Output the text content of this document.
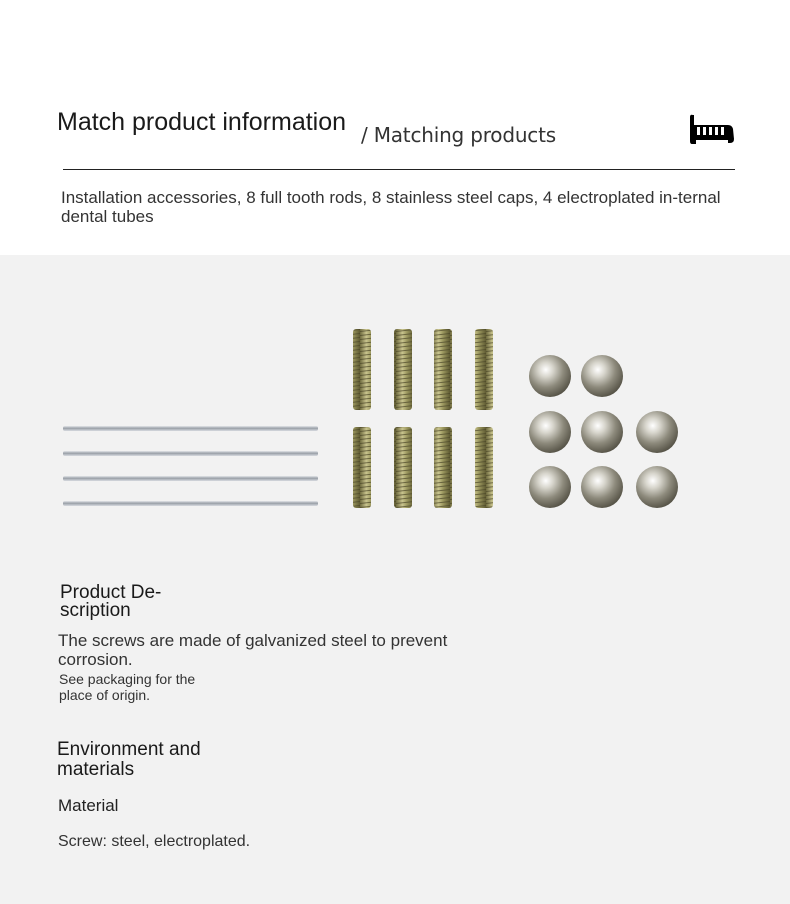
Match product information / Matching products
Installation accessories, 8 full tooth rods, 8 stainless steel caps, 4 electroplated in-ternal dental tubes
Product De-
scription
The screws are made of galvanized steel to prevent
corrosion.
See packaging for the
place of origin.
Environment and
materials
Material
Screw: steel, electroplated.
